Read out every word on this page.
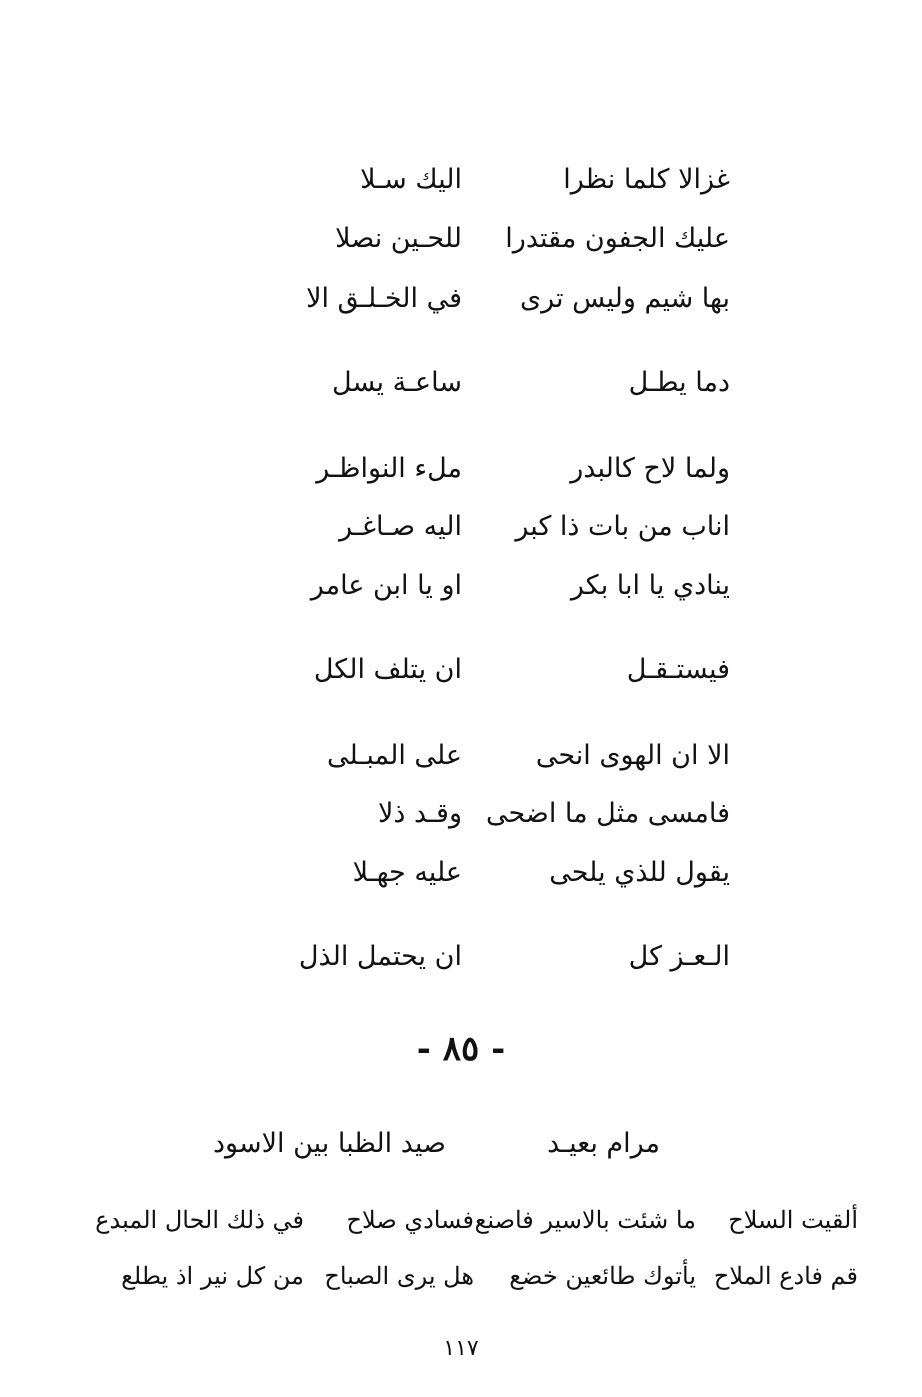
غزالا كلما نظرا
اليك سـلا
عليك الجفون مقتدرا
للحـين نصلا
بها شيم وليس ترى
في الخـلـق الا
دما يطـل
ساعـة يسل
ولما لاح كالبدر
ملء النواظـر
اناب من بات ذا كبر
اليه صـاغـر
ينادي يا ابا بكر
او يا ابن عامر
فيستـقـل
ان يتلف الكل
الا ان الهوى انحى
على المبـلى
فامسى مثل ما اضحى
وقـد ذلا
يقول للذي يلحى
عليه جهـلا
الـعـز كل
ان يحتمل الذل
- ٨٥ -
مرام بعيـد
صيد الظبا بين الاسود
ألقيت السلاح
ما شئت بالاسير فاصنع
فسادي صلاح
في ذلك الحال المبدع
قم فادع الملاح
يأتوك طائعين خضع
هل يرى الصباح
من كل نير اذ يطلع
١١٧
